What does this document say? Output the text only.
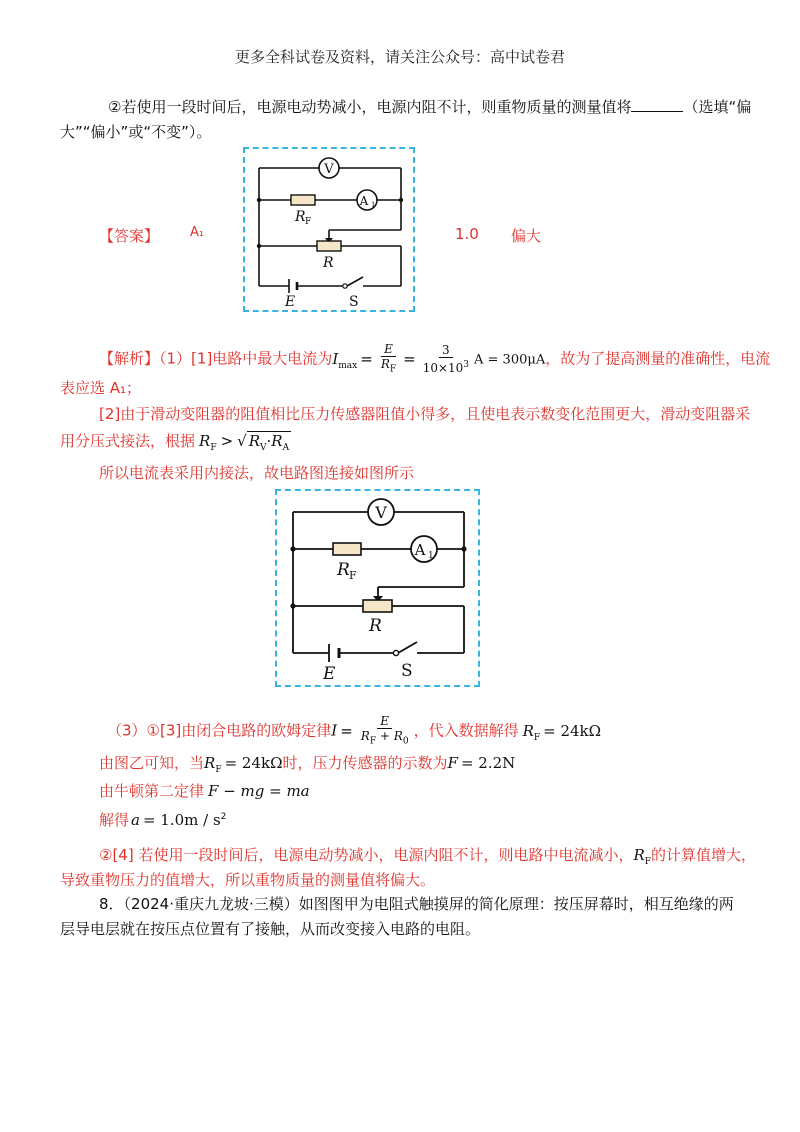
更多全科试卷及资料，请关注公众号：高中试卷君
②若使用一段时间后，电源电动势减小，电源内阻不计，则重物质量的测量值将	（选填“偏
大”“偏小”或“不变”）。
【答案】 A₁	1.0 偏大
V
R F
A 1
R
E	S
【解析】（1）[1]电路中最大电流为$I_{max} = \frac{E}{R_F} = \frac{3}{10\times 10^3}$ A = 300μA，故为了提高测量的准确性，电流
表应选 A₁；
[2]由于滑动变阻器的阻值相比压力传感器阻值小得多，且使电表示数变化范围更大，滑动变阻器采
用分压式接法，根据 $R_F$ > √ $R_V\cdot R_A$
所以电流表采用内接法，故电路图连接如图所示
V
R F
A 1
R
E	S
（3）①[3]由闭合电路的欧姆定律$I = \frac{E}{R_F + R_0}$ ，代入数据解得 $R_F = 24k\Omega$
由图乙可知，当$R_F = 24k\Omega$时，压力传感器的示数为F = 2.2N
由牛顿第二定律 F − mg = ma
解得 $a = 1.0m / s^2$
②[4] 若使用一段时间后，电源电动势减小，电源内阻不计，则电路中电流减小，$R_F$的计算值增大，
导致重物压力的值增大，所以重物质量的测量值将偏大。
8．（2024·重庆九龙坡·三模）如图图甲为电阻式触摸屏的简化原理：按压屏幕时，相互绝缘的两
层导电层就在按压点位置有了接触，从而改变接入电路的电阻。
